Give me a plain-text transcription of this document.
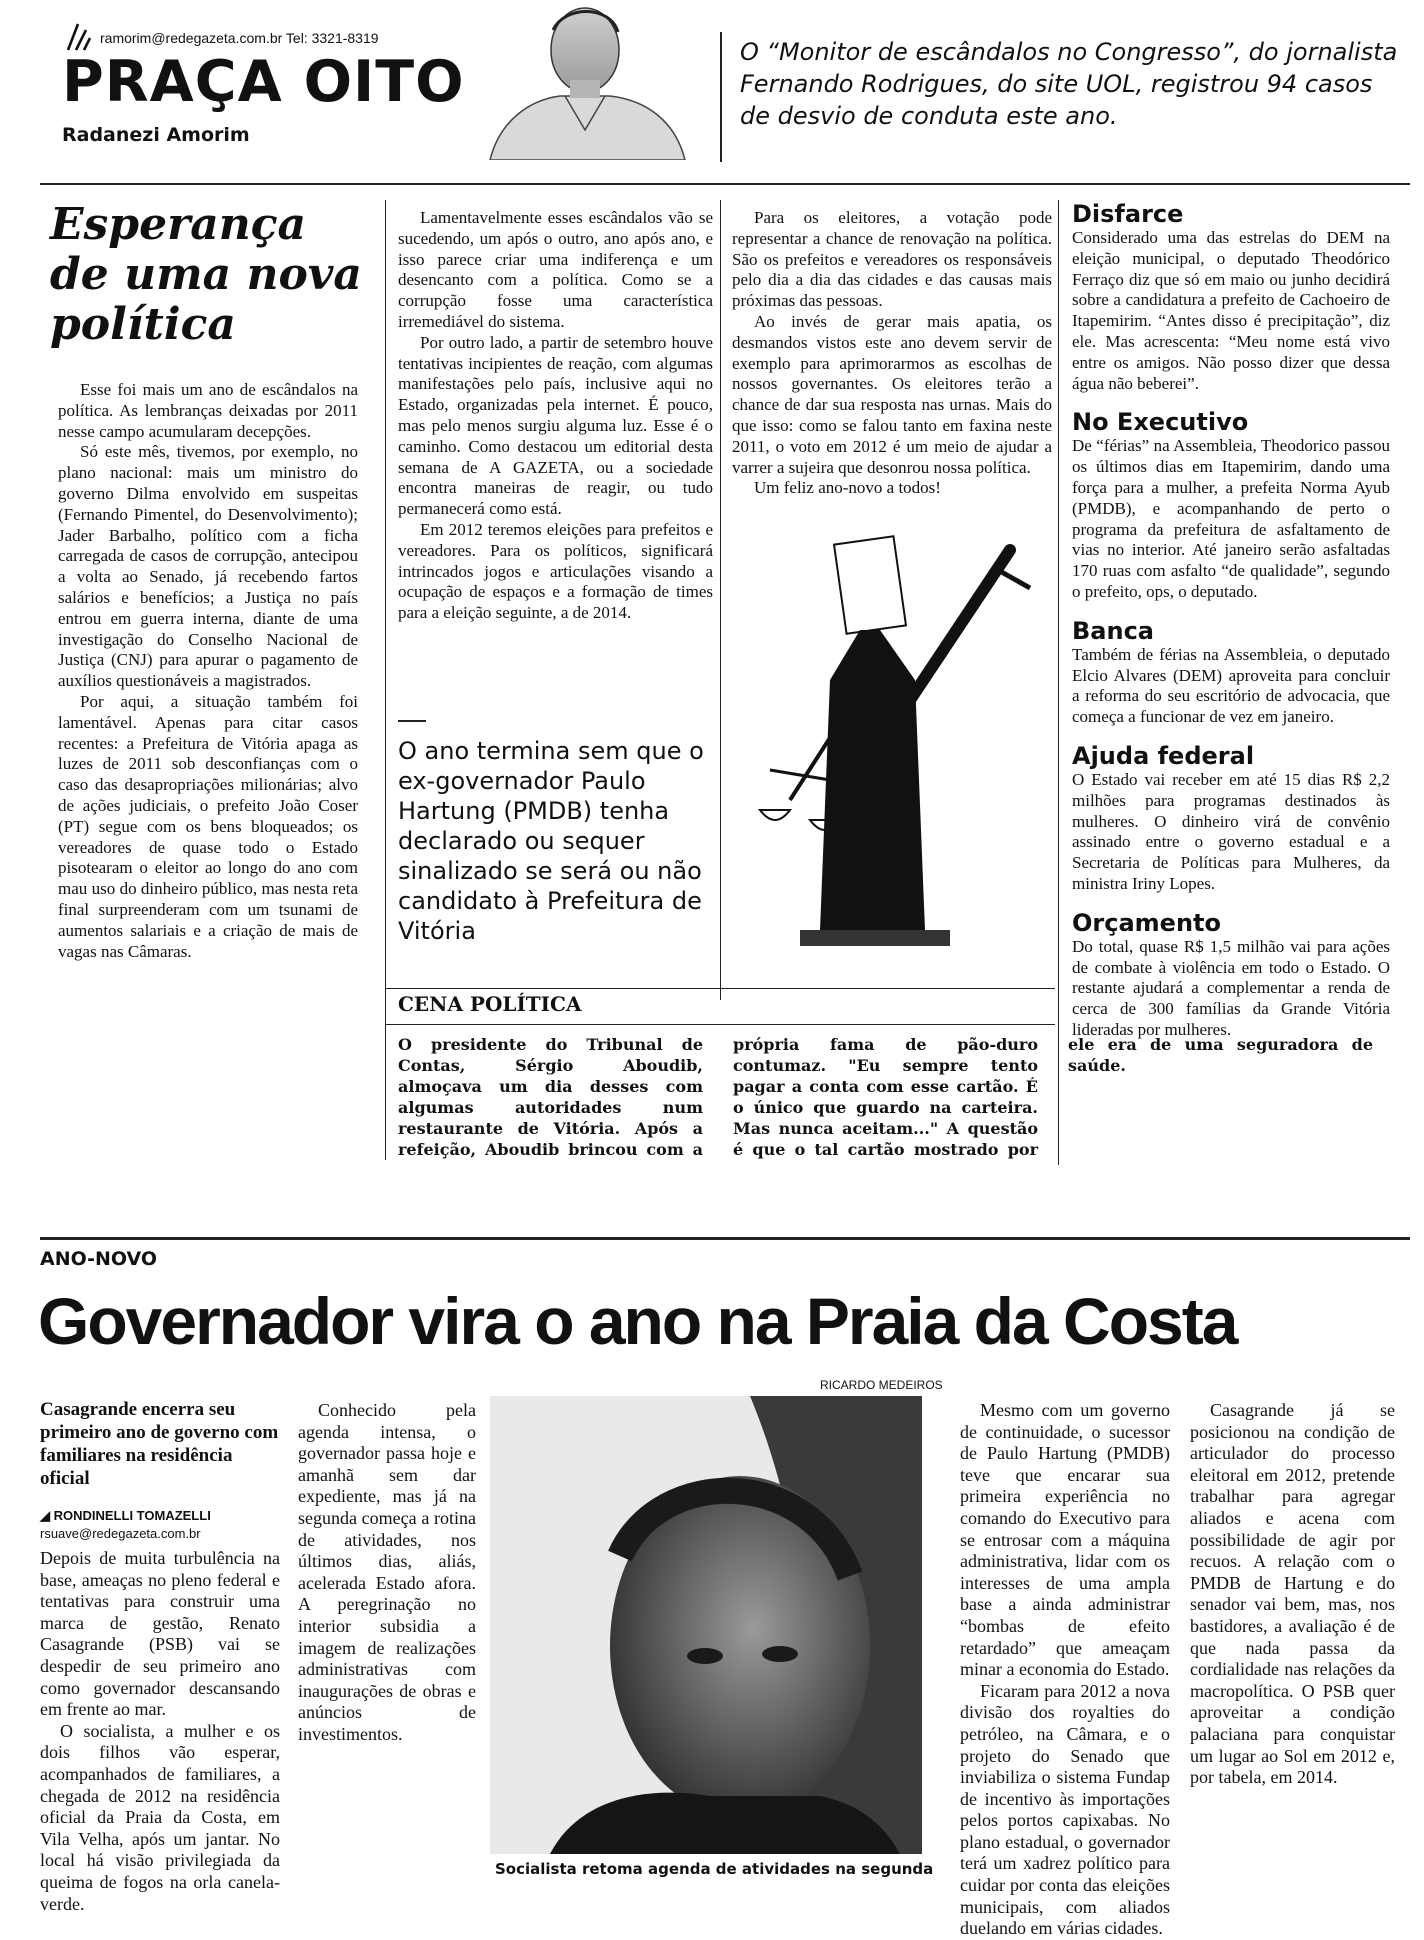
ramorim@redegazeta.com.br Tel: 3321-8319
PRAÇA OITO
Radanezi Amorim
O “Monitor de escândalos no Congresso”, do jornalista Fernando Rodrigues, do site UOL, registrou 94 casos de desvio de conduta este ano.
Esperança de uma nova política

Esse foi mais um ano de escândalos na política. As lembranças deixadas por 2011 nesse campo acumularam decepções.

Só este mês, tivemos, por exemplo, no plano nacional: mais um ministro do governo Dilma envolvido em suspeitas (Fernando Pimentel, do Desenvolvimento); Jader Barbalho, político com a ficha carregada de casos de corrupção, antecipou a volta ao Senado, já recebendo fartos salários e benefícios; a Justiça no país entrou em guerra interna, diante de uma investigação do Conselho Nacional de Justiça (CNJ) para apurar o pagamento de auxílios questionáveis a magistrados.

Por aqui, a situação também foi lamentável. Apenas para citar casos recentes: a Prefeitura de Vitória apaga as luzes de 2011 sob desconfianças com o caso das desapropriações milionárias; alvo de ações judiciais, o prefeito João Coser (PT) segue com os bens bloqueados; os vereadores de quase todo o Estado pisotearam o eleitor ao longo do ano com mau uso do dinheiro público, mas nesta reta final surpreenderam com um tsunami de aumentos salariais e a criação de mais de vagas nas Câmaras.

Lamentavelmente esses escândalos vão se sucedendo, um após o outro, ano após ano, e isso parece criar uma indiferença e um desencanto com a política. Como se a corrupção fosse uma característica irremediável do sistema.

Por outro lado, a partir de setembro houve tentativas incipientes de reação, com algumas manifestações pelo país, inclusive aqui no Estado, organizadas pela internet. É pouco, mas pelo menos surgiu alguma luz. Esse é o caminho. Como destacou um editorial desta semana de A GAZETA, ou a sociedade encontra maneiras de reagir, ou tudo permanecerá como está.

Em 2012 teremos eleições para prefeitos e vereadores. Para os políticos, significará intrincados jogos e articulações visando a ocupação de espaços e a formação de times para a eleição seguinte, a de 2014.

O ano termina sem que o ex-governador Paulo Hartung (PMDB) tenha declarado ou sequer sinalizado se será ou não candidato à Prefeitura de Vitória

Para os eleitores, a votação pode representar a chance de renovação na política. São os prefeitos e vereadores os responsáveis pelo dia a dia das cidades e das causas mais próximas das pessoas.

Ao invés de gerar mais apatia, os desmandos vistos este ano devem servir de exemplo para aprimorarmos as escolhas de nossos governantes. Os eleitores terão a chance de dar sua resposta nas urnas. Mais do que isso: como se falou tanto em faxina neste 2011, o voto em 2012 é um meio de ajudar a varrer a sujeira que desonrou nossa política.

Um feliz ano-novo a todos!

CENA POLÍTICA
O presidente do Tribunal de Contas, Sérgio Aboudib, almoçava um dia desses com algumas autoridades num restaurante de Vitória. Após a refeição, Aboudib brincou com a própria fama de pão-duro contumaz. "Eu sempre tento pagar a conta com esse cartão. É o único que guardo na carteira. Mas nunca aceitam..." A questão é que o tal cartão mostrado por ele era de uma seguradora de saúde.
Disfarce

Considerado uma das estrelas do DEM na eleição municipal, o deputado Theodórico Ferraço diz que só em maio ou junho decidirá sobre a candidatura a prefeito de Cachoeiro de Itapemirim. “Antes disso é precipitação”, diz ele. Mas acrescenta: “Meu nome está vivo entre os amigos. Não posso dizer que dessa água não beberei”.

No Executivo

De “férias” na Assembleia, Theodorico passou os últimos dias em Itapemirim, dando uma força para a mulher, a prefeita Norma Ayub (PMDB), e acompanhando de perto o programa da prefeitura de asfaltamento de vias no interior. Até janeiro serão asfaltadas 170 ruas com asfalto “de qualidade”, segundo o prefeito, ops, o deputado.

Banca

Também de férias na Assembleia, o deputado Elcio Alvares (DEM) aproveita para concluir a reforma do seu escritório de advocacia, que começa a funcionar de vez em janeiro.

Ajuda federal

O Estado vai receber em até 15 dias R$ 2,2 milhões para programas destinados às mulheres. O dinheiro virá de convênio assinado entre o governo estadual e a Secretaria de Políticas para Mulheres, da ministra Iriny Lopes.

Orçamento

Do total, quase R$ 1,5 milhão vai para ações de combate à violência em todo o Estado. O restante ajudará a complementar a renda de cerca de 300 famílias da Grande Vitória lideradas por mulheres.

ANO-NOVO
Governador vira o ano na Praia da Costa
Casagrande encerra seu primeiro ano de governo com familiares na residência oficial
◢ RONDINELLI TOMAZELLI
rsuave@redegazeta.com.br

Depois de muita turbulência na base, ameaças no pleno federal e tentativas para construir uma marca de gestão, Renato Casagrande (PSB) vai se despedir de seu primeiro ano como governador descansando em frente ao mar.

O socialista, a mulher e os dois filhos vão esperar, acompanhados de familiares, a chegada de 2012 na residência oficial da Praia da Costa, em Vila Velha, após um jantar. No local há visão privilegiada da queima de fogos na orla canela-verde.

Conhecido pela agenda intensa, o governador passa hoje e amanhã sem dar expediente, mas já na segunda começa a rotina de atividades, nos últimos dias, aliás, acelerada Estado afora. A peregrinação no interior subsidia a imagem de realizações administrativas com inaugurações de obras e anúncios de investimentos.

RICARDO MEDEIROS
Socialista retoma agenda de atividades na segunda

Mesmo com um governo de continuidade, o sucessor de Paulo Hartung (PMDB) teve que encarar sua primeira experiência no comando do Executivo para se entrosar com a máquina administrativa, lidar com os interesses de uma ampla base a ainda administrar “bombas de efeito retardado” que ameaçam minar a economia do Estado.

Ficaram para 2012 a nova divisão dos royalties do petróleo, na Câmara, e o projeto do Senado que inviabiliza o sistema Fundap de incentivo às importações pelos portos capixabas. No plano estadual, o governador terá um xadrez político para cuidar por conta das eleições municipais, com aliados duelando em várias cidades.

Casagrande já se posicionou na condição de articulador do processo eleitoral em 2012, pretende trabalhar para agregar aliados e acena com possibilidade de agir por recuos. A relação com o PMDB de Hartung e do senador vai bem, mas, nos bastidores, a avaliação é de que nada passa da cordialidade nas relações da macropolítica. O PSB quer aproveitar a condição palaciana para conquistar um lugar ao Sol em 2012 e, por tabela, em 2014.
